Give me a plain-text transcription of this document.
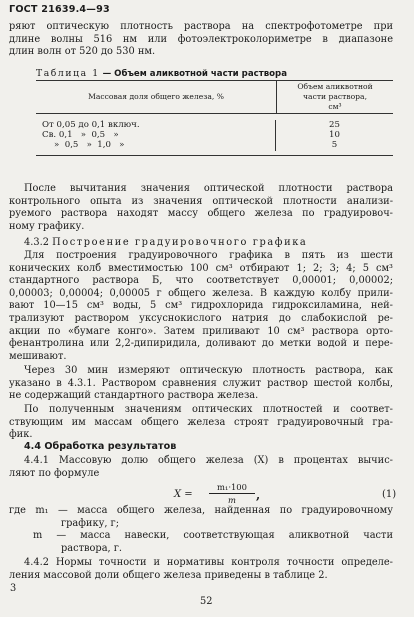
ГОСТ 21639.4—93

ряют оптическую плотность раствора на спектрофотометре при

длине волны 516 нм или фотоэлектроколориметре в диапазоне

длин волн от 520 до 530 нм.

Таблица 1 — Объем аликвотной части раствора
Массовая доля общего железа, %
Объем аликвотной части раствора, см³
От 0,05 до 0,1 включ.
Св. 0,1   »  0,5   »
»  0,5   »  1,0   »
25
10
5

После вычитания значения оптической плотности раствора

контрольного опыта из значения оптической плотности анализи-

руемого раствора находят массу общего железа по градуировоч-

ному графику.

4.3.2 Построение градуировочного графика

Для построения градуировочного графика в пять из шести

конических колб вместимостью 100 см³ отбирают 1; 2; 3; 4; 5 см³

стандартного раствора Б, что соответствует 0,00001; 0,00002;

0,00003; 0,00004; 0,00005 г общего железа. В каждую колбу прили-

вают 10—15 см³ воды, 5 см³ гидрохлорида гидроксиламина, ней-

трализуют раствором уксуснокислого натрия до слабокислой ре-

акции по «бумаге конго». Затем приливают 10 см³ раствора орто-

фенантролина или 2,2-дипиридила, доливают до метки водой и пере-

мешивают.

Через 30 мин измеряют оптическую плотность раствора, как

указано в 4.3.1. Раствором сравнения служит раствор шестой колбы,

не содержащий стандартного раствора железа.

По полученным значениям оптических плотностей и соответ-

ствующим им массам общего железа строят градуировочный гра-

фик.

4.4 Обработка результатов

4.4.1 Массовую долю общего железа (X) в процентах вычис-

ляют по формуле

$X = \frac{\text{m₁·100}}{m}$ ,	(1)

где m₁ — масса общего железа, найденная по градуировочному

графику, г;

m — масса навески, соответствующая аликвотной части

раствора, г.

4.4.2 Нормы точности и нормативы контроля точности определе-

ления массовой доли общего железа приведены в таблице 2.

3
52
